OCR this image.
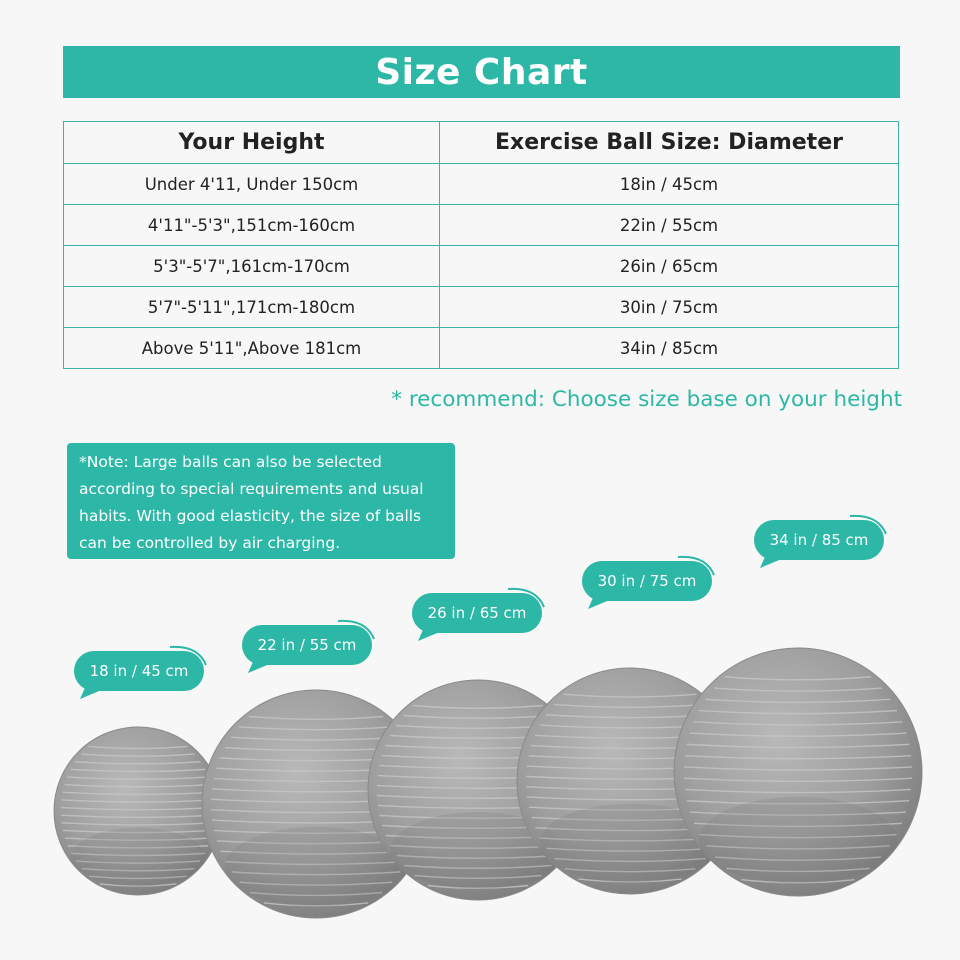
Size Chart
Your Height	Exercise Ball Size: Diameter
Under 4'11, Under 150cm	18in / 45cm
4'11"-5'3",151cm-160cm	22in / 55cm
5'3"-5'7",161cm-170cm	26in / 65cm
5'7"-5'11",171cm-180cm	30in / 75cm
Above 5'11",Above 181cm	34in / 85cm
* recommend: Choose size base on your height
*Note: Large balls can also be selected
according to special requirements and usual
habits. With good elasticity, the size of balls
can be controlled by air charging.
18 in / 45 cm
22 in / 55 cm
26 in / 65 cm
30 in / 75 cm
34 in / 85 cm
